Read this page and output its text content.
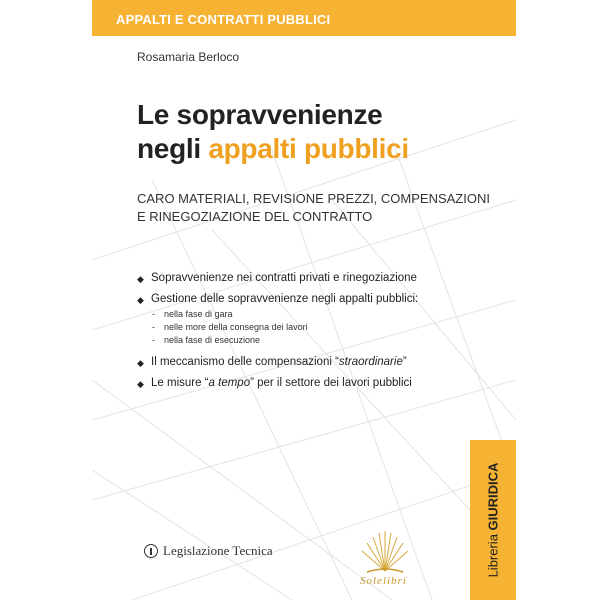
APPALTI E CONTRATTI PUBBLICI
Rosamaria Berloco
Le sopravvenienze
negli appalti pubblici
CARO MATERIALI, REVISIONE PREZZI, COMPENSAZIONI
E RINEGOZIAZIONE DEL CONTRATTO
◆ Sopravvenienze nei contratti privati e rinegoziazione
◆ Gestione delle sopravvenienze negli appalti pubblici:
- nella fase di gara
- nelle more della consegna dei lavori
- nella fase di esecuzione
◆ Il meccanismo delle compensazioni “straordinarie”
◆ Le misure “a tempo” per il settore dei lavori pubblici
Libreria GIURIDICA
Legislazione Tecnica
Solelibri
